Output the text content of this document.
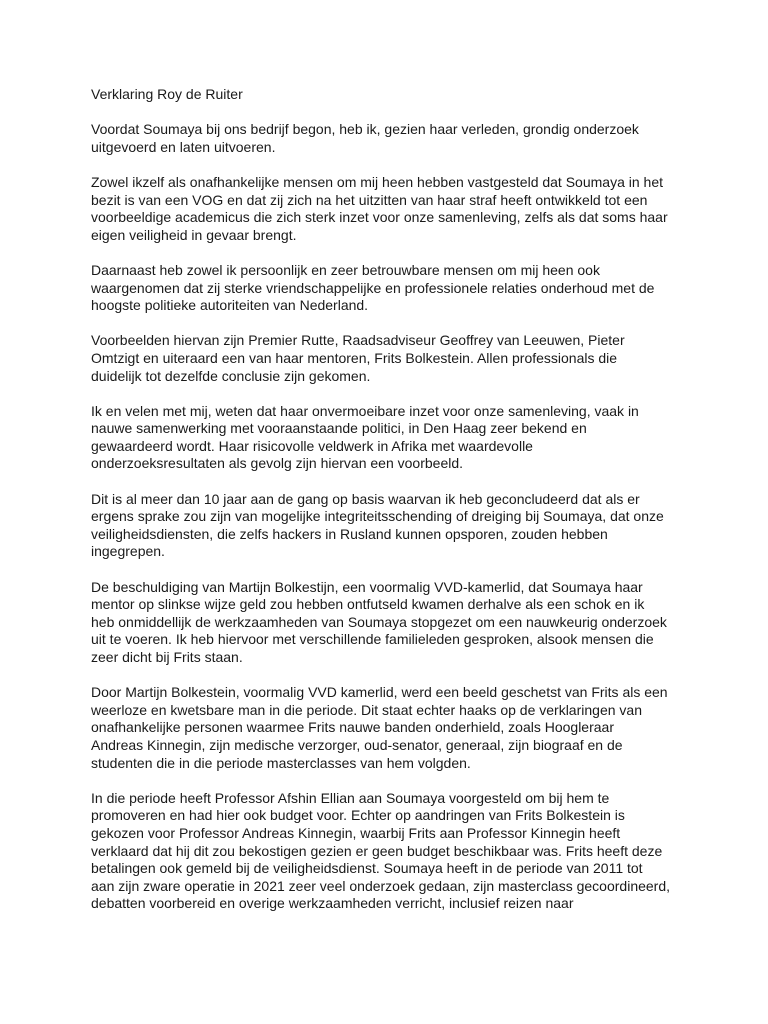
Verklaring Roy de Ruiter

Voordat Soumaya bij ons bedrijf begon, heb ik, gezien haar verleden, grondig onderzoek
uitgevoerd en laten uitvoeren.

Zowel ikzelf als onafhankelijke mensen om mij heen hebben vastgesteld dat Soumaya in het
bezit is van een VOG en dat zij zich na het uitzitten van haar straf heeft ontwikkeld tot een
voorbeeldige academicus die zich sterk inzet voor onze samenleving, zelfs als dat soms haar
eigen veiligheid in gevaar brengt.

Daarnaast heb zowel ik persoonlijk en zeer betrouwbare mensen om mij heen ook
waargenomen dat zij sterke vriendschappelijke en professionele relaties onderhoud met de
hoogste politieke autoriteiten van Nederland.

Voorbeelden hiervan zijn Premier Rutte, Raadsadviseur Geoffrey van Leeuwen, Pieter
Omtzigt en uiteraard een van haar mentoren, Frits Bolkestein. Allen professionals die
duidelijk tot dezelfde conclusie zijn gekomen.

Ik en velen met mij, weten dat haar onvermoeibare inzet voor onze samenleving, vaak in
nauwe samenwerking met vooraanstaande politici, in Den Haag zeer bekend en
gewaardeerd wordt. Haar risicovolle veldwerk in Afrika met waardevolle
onderzoeksresultaten als gevolg zijn hiervan een voorbeeld.

Dit is al meer dan 10 jaar aan de gang op basis waarvan ik heb geconcludeerd dat als er
ergens sprake zou zijn van mogelijke integriteitsschending of dreiging bij Soumaya, dat onze
veiligheidsdiensten, die zelfs hackers in Rusland kunnen opsporen, zouden hebben
ingegrepen.

De beschuldiging van Martijn Bolkestijn, een voormalig VVD-kamerlid, dat Soumaya haar
mentor op slinkse wijze geld zou hebben ontfutseld kwamen derhalve als een schok en ik
heb onmiddellijk de werkzaamheden van Soumaya stopgezet om een nauwkeurig onderzoek
uit te voeren. Ik heb hiervoor met verschillende familieleden gesproken, alsook mensen die
zeer dicht bij Frits staan.

Door Martijn Bolkestein, voormalig VVD kamerlid, werd een beeld geschetst van Frits als een
weerloze en kwetsbare man in die periode. Dit staat echter haaks op de verklaringen van
onafhankelijke personen waarmee Frits nauwe banden onderhield, zoals Hoogleraar
Andreas Kinnegin, zijn medische verzorger, oud-senator, generaal, zijn biograaf en de
studenten die in die periode masterclasses van hem volgden.

In die periode heeft Professor Afshin Ellian aan Soumaya voorgesteld om bij hem te
promoveren en had hier ook budget voor. Echter op aandringen van Frits Bolkestein is
gekozen voor Professor Andreas Kinnegin, waarbij Frits aan Professor Kinnegin heeft
verklaard dat hij dit zou bekostigen gezien er geen budget beschikbaar was. Frits heeft deze
betalingen ook gemeld bij de veiligheidsdienst. Soumaya heeft in de periode van 2011 tot
aan zijn zware operatie in 2021 zeer veel onderzoek gedaan, zijn masterclass gecoordineerd,
debatten voorbereid en overige werkzaamheden verricht, inclusief reizen naar
